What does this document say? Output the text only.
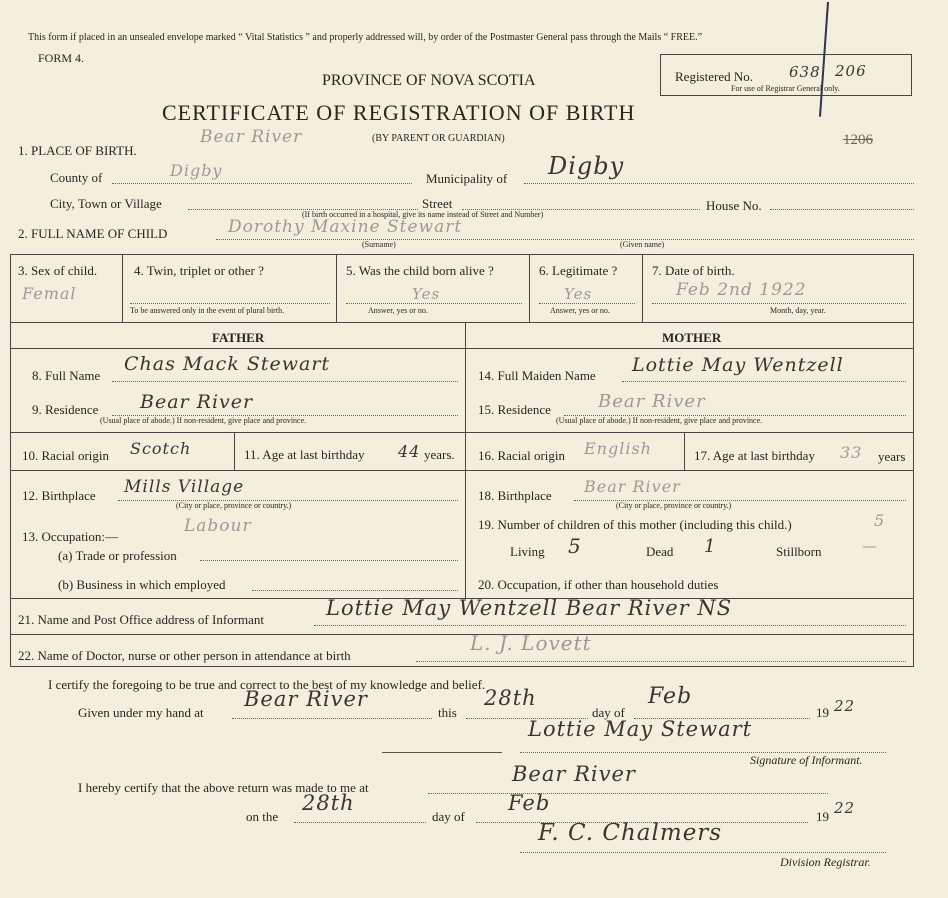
This form if placed in an unsealed envelope marked “ Vital Statistics ” and properly addressed will, by order of the Postmaster General pass through the Mails “ FREE.”
FORM 4.
PROVINCE OF NOVA SCOTIA
CERTIFICATE OF REGISTRATION OF BIRTH
(BY PARENT OR GUARDIAN)
Registered No. 638 206
For use of Registrar General only.
1206
1. PLACE OF BIRTH.
Bear River
County of	Digby	Municipality of Digby
City, Town or Village	Street	House No.
(If birth occurred in a hospital, give its name instead of Street and Number)
2. FULL NAME OF CHILD	Dorothy Maxine Stewart
(Surname)	(Given name)
3. Sex of child.
Femal
4. Twin, triplet or other ?
To be answered only in the event of plural birth.
5. Was the child born alive ?
Yes
Answer, yes or no.
6. Legitimate ?
Yes
Answer, yes or no.
7. Date of birth.
Feb 2nd 1922
Month, day, year.
FATHER	MOTHER
8. Full Name
Chas Mack Stewart
9. Residence Bear River
(Usual place of abode.) If non-resident, give place and province.
10. Racial origin Scotch	11. Age at last birthday 44 years.
12. Birthplace Mills Village
(City or place, province or country.)
13. Occupation:—
Labour
(a) Trade or profession
(b) Business in which employed
14. Full Maiden Name Lottie May Wentzell
15. Residence	Bear River
(Usual place of abode.) If non-resident, give place and province.
16. Racial origin English	17. Age at last birthday 33 years
18. Birthplace Bear River
(City or place, province or country.)
19. Number of children of this mother (including this child.)	5
Living 5	Dead 1	Stillborn	—
20. Occupation, if other than household duties
21. Name and Post Office address of Informant	Lottie May Wentzell Bear River NS
22. Name of Doctor, nurse or other person in attendance at birth
L. J. Lovett
I certify the foregoing to be true and correct to the best of my knowledge and belief.
Given under my hand at
Bear River
this
28th
day of
Feb
19 22
Lottie May Stewart
Signature of Informant.
I hereby certify that the above return was made to me at
Bear River
on the
28th
day of
Feb
19 22
F. C. Chalmers
Division Registrar.
